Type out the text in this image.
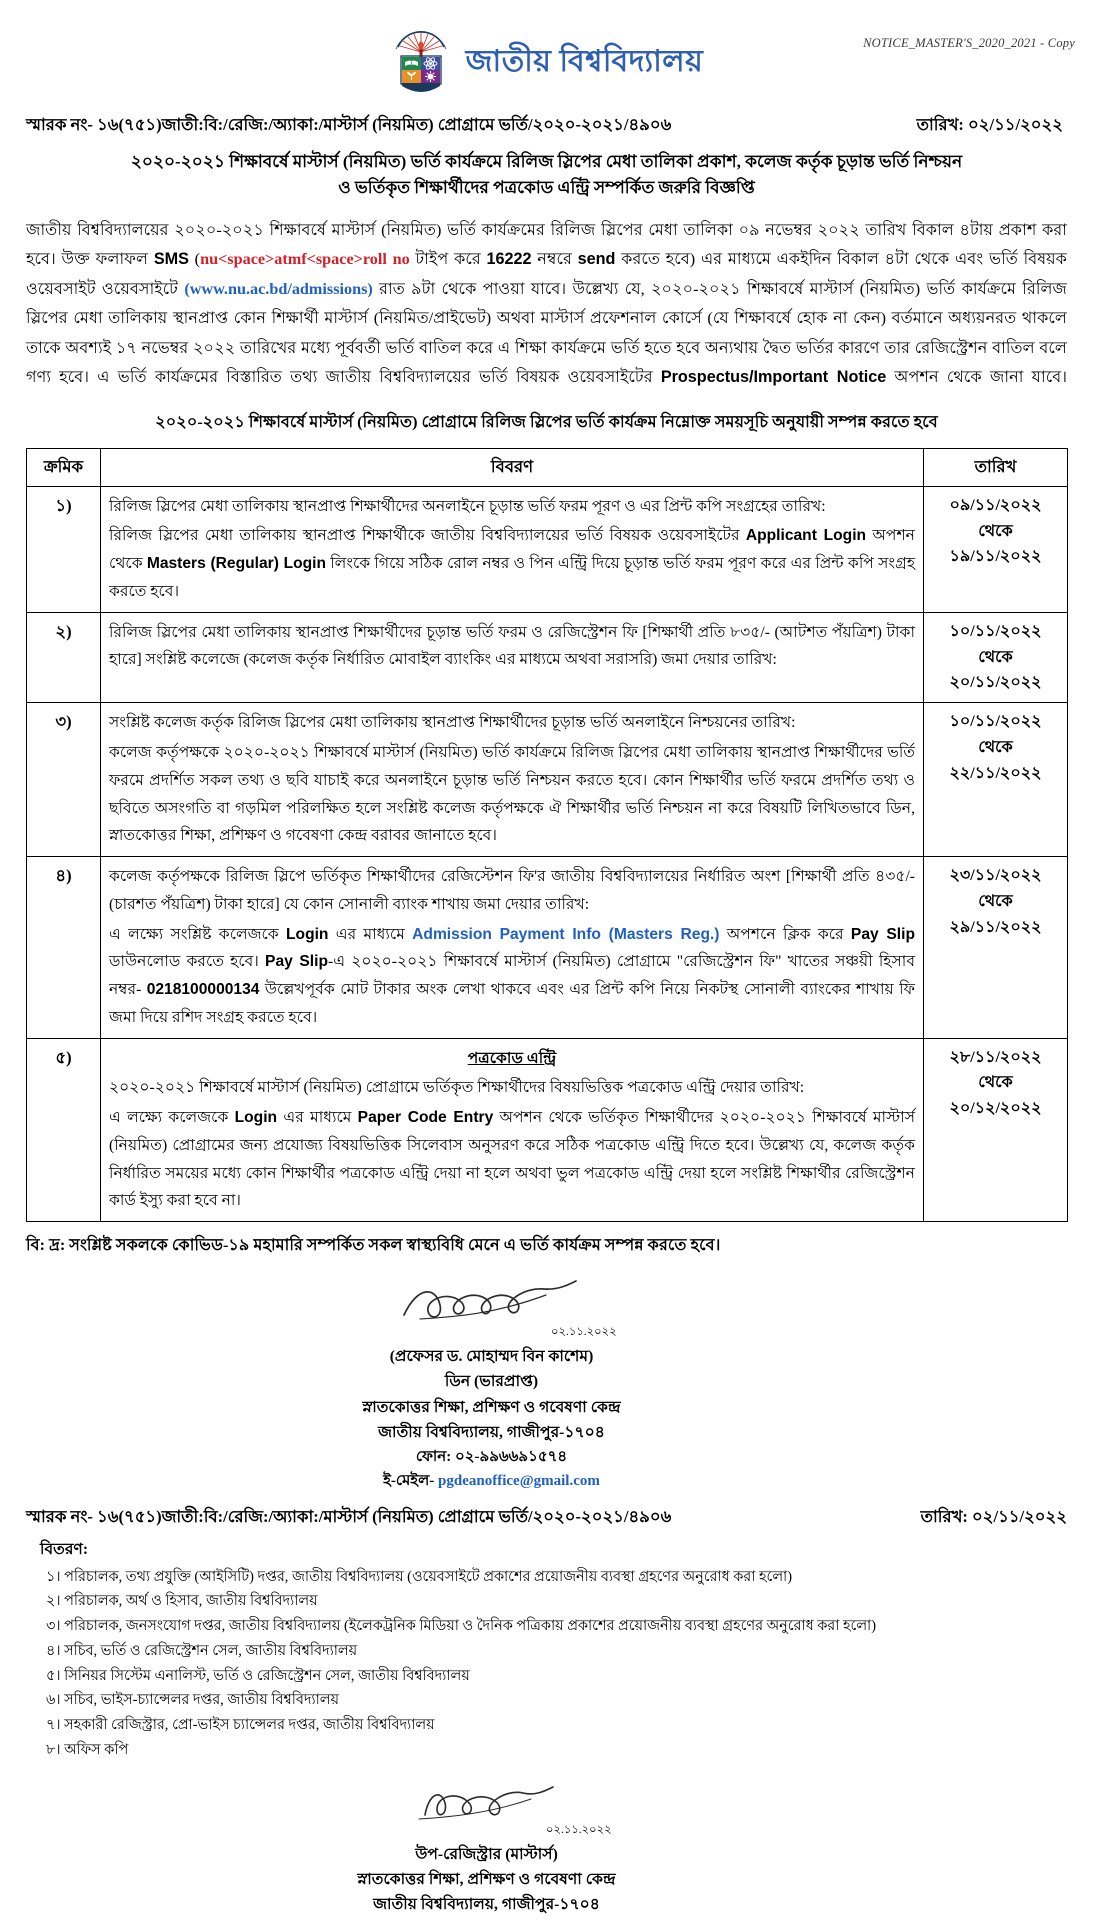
NOTICE_MASTER'S_2020_2021 - Copy
জাতীয় বিশ্ববিদ্যালয়
স্মারক নং- ১৬(৭৫১)জাতী:বি:/রেজি:/অ্যাকা:/মাস্টার্স (নিয়মিত) প্রোগ্রামে ভর্তি/২০২০-২০২১/৪৯০৬	তারিখ: ০২/১১/২০২২
২০২০-২০২১ শিক্ষাবর্ষে মাস্টার্স (নিয়মিত) ভর্তি কার্যক্রমে রিলিজ স্লিপের মেধা তালিকা প্রকাশ, কলেজ কর্তৃক চূড়ান্ত ভর্তি নিশ্চয়ন
ও ভর্তিকৃত শিক্ষার্থীদের পত্রকোড এন্ট্রি সম্পর্কিত জরুরি বিজ্ঞপ্তি
জাতীয় বিশ্ববিদ্যালয়ের ২০২০-২০২১ শিক্ষাবর্ষে মাস্টার্স (নিয়মিত) ভর্তি কার্যক্রমের রিলিজ স্লিপের মেধা তালিকা ০৯ নভেম্বর ২০২২ তারিখ বিকাল ৪টায় প্রকাশ করা হবে। উক্ত ফলাফল SMS (nu<space>atmf<space>roll no টাইপ করে 16222 নম্বরে send করতে হবে) এর মাধ্যমে একইদিন বিকাল ৪টা থেকে এবং ভর্তি বিষয়ক ওয়েবসাইট ওয়েবসাইটে (www.nu.ac.bd/admissions) রাত ৯টা থেকে পাওয়া যাবে। উল্লেখ্য যে, ২০২০-২০২১ শিক্ষাবর্ষে মাস্টার্স (নিয়মিত) ভর্তি কার্যক্রমে রিলিজ স্লিপের মেধা তালিকায় স্থানপ্রাপ্ত কোন শিক্ষার্থী মাস্টার্স (নিয়মিত/প্রাইভেট) অথবা মাস্টার্স প্রফেশনাল কোর্সে (যে শিক্ষাবর্ষে হোক না কেন) বর্তমানে অধ্যয়নরত থাকলে তাকে অবশ্যই ১৭ নভেম্বর ২০২২ তারিখের মধ্যে পূর্ববর্তী ভর্তি বাতিল করে এ শিক্ষা কার্যক্রমে ভর্তি হতে হবে অন্যথায় দ্বৈত ভর্তির কারণে তার রেজিস্ট্রেশন বাতিল বলে গণ্য হবে। এ ভর্তি কার্যক্রমের বিস্তারিত তথ্য জাতীয় বিশ্ববিদ্যালয়ের ভর্তি বিষয়ক ওয়েবসাইটের Prospectus/Important Notice অপশন থেকে জানা যাবে।
২০২০-২০২১ শিক্ষাবর্ষে মাস্টার্স (নিয়মিত) প্রোগ্রামে রিলিজ স্লিপের ভর্তি কার্যক্রম নিম্নোক্ত সময়সূচি অনুযায়ী সম্পন্ন করতে হবে
ক্রমিক	বিবরণ	তারিখ
১)	রিলিজ স্লিপের মেধা তালিকায় স্থানপ্রাপ্ত শিক্ষার্থীদের অনলাইনে চূড়ান্ত ভর্তি ফরম পূরণ ও এর প্রিন্ট কপি সংগ্রহের তারিখ:

রিলিজ স্লিপের মেধা তালিকায় স্থানপ্রাপ্ত শিক্ষার্থীকে জাতীয় বিশ্ববিদ্যালয়ের ভর্তি বিষয়ক ওয়েবসাইটের Applicant Login অপশন থেকে Masters (Regular) Login লিংকে গিয়ে সঠিক রোল নম্বর ও পিন এন্ট্রি দিয়ে চূড়ান্ত ভর্তি ফরম পূরণ করে এর প্রিন্ট কপি সংগ্রহ করতে হবে।

	০৯/১১/২০২২
থেকে
১৯/১১/২০২২
২)	রিলিজ স্লিপের মেধা তালিকায় স্থানপ্রাপ্ত শিক্ষার্থীদের চূড়ান্ত ভর্তি ফরম ও রেজিস্ট্রেশন ফি [শিক্ষার্থী প্রতি ৮৩৫/- (আটশত পঁয়ত্রিশ) টাকা হারে] সংশ্লিষ্ট কলেজে (কলেজ কর্তৃক নির্ধারিত মোবাইল ব্যাংকিং এর মাধ্যমে অথবা সরাসরি) জমা দেয়ার তারিখ:

	১০/১১/২০২২
থেকে
২০/১১/২০২২
৩)	সংশ্লিষ্ট কলেজ কর্তৃক রিলিজ স্লিপের মেধা তালিকায় স্থানপ্রাপ্ত শিক্ষার্থীদের চূড়ান্ত ভর্তি অনলাইনে নিশ্চয়নের তারিখ:

কলেজ কর্তৃপক্ষকে ২০২০-২০২১ শিক্ষাবর্ষে মাস্টার্স (নিয়মিত) ভর্তি কার্যক্রমে রিলিজ স্লিপের মেধা তালিকায় স্থানপ্রাপ্ত শিক্ষার্থীদের ভর্তি ফরমে প্রদর্শিত সকল তথ্য ও ছবি যাচাই করে অনলাইনে চূড়ান্ত ভর্তি নিশ্চয়ন করতে হবে। কোন শিক্ষার্থীর ভর্তি ফরমে প্রদর্শিত তথ্য ও ছবিতে অসংগতি বা গড়মিল পরিলক্ষিত হলে সংশ্লিষ্ট কলেজ কর্তৃপক্ষকে ঐ শিক্ষার্থীর ভর্তি নিশ্চয়ন না করে বিষয়টি লিখিতভাবে ডিন, স্নাতকোত্তর শিক্ষা, প্রশিক্ষণ ও গবেষণা কেন্দ্র বরাবর জানাতে হবে।

	১০/১১/২০২২
থেকে
২২/১১/২০২২
৪)	কলেজ কর্তৃপক্ষকে রিলিজ স্লিপে ভর্তিকৃত শিক্ষার্থীদের রেজিস্টেশন ফি'র জাতীয় বিশ্ববিদ্যালয়ের নির্ধারিত অংশ [শিক্ষার্থী প্রতি ৪৩৫/- (চারশত পঁয়ত্রিশ) টাকা হারে] যে কোন সোনালী ব্যাংক শাখায় জমা দেয়ার তারিখ:

এ লক্ষ্যে সংশ্লিষ্ট কলেজকে Login এর মাধ্যমে Admission Payment Info (Masters Reg.) অপশনে ক্লিক করে Pay Slip ডাউনলোড করতে হবে। Pay Slip-এ ২০২০-২০২১ শিক্ষাবর্ষে মাস্টার্স (নিয়মিত) প্রোগ্রামে "রেজিস্ট্রেশন ফি" খাতের সঞ্চয়ী হিসাব নম্বর- 0218100000134 উল্লেখপূর্বক মোট টাকার অংক লেখা থাকবে এবং এর প্রিন্ট কপি নিয়ে নিকটস্থ সোনালী ব্যাংকের শাখায় ফি জমা দিয়ে রশিদ সংগ্রহ করতে হবে।

	২৩/১১/২০২২
থেকে
২৯/১১/২০২২
৫)	পত্রকোড এন্ট্রি

২০২০-২০২১ শিক্ষাবর্ষে মাস্টার্স (নিয়মিত) প্রোগ্রামে ভর্তিকৃত শিক্ষার্থীদের বিষয়ভিত্তিক পত্রকোড এন্ট্রি দেয়ার তারিখ:

এ লক্ষ্যে কলেজকে Login এর মাধ্যমে Paper Code Entry অপশন থেকে ভর্তিকৃত শিক্ষার্থীদের ২০২০-২০২১ শিক্ষাবর্ষে মাস্টার্স (নিয়মিত) প্রোগ্রামের জন্য প্রযোজ্য বিষয়ভিত্তিক সিলেবাস অনুসরণ করে সঠিক পত্রকোড এন্ট্রি দিতে হবে। উল্লেখ্য যে, কলেজ কর্তৃক নির্ধারিত সময়ের মধ্যে কোন শিক্ষার্থীর পত্রকোড এন্ট্রি দেয়া না হলে অথবা ভুল পত্রকোড এন্ট্রি দেয়া হলে সংশ্লিষ্ট শিক্ষার্থীর রেজিস্ট্রেশন কার্ড ইস্যু করা হবে না।

	২৮/১১/২০২২
থেকে
২০/১২/২০২২
বি: দ্র: সংশ্লিষ্ট সকলকে কোভিড-১৯ মহামারি সম্পর্কিত সকল স্বাস্থ্যবিধি মেনে এ ভর্তি কার্যক্রম সম্পন্ন করতে হবে।
০২.১১.২০২২
(প্রফেসর ড. মোহাম্মদ বিন কাশেম)
ডিন (ভারপ্রাপ্ত)
স্নাতকোত্তর শিক্ষা, প্রশিক্ষণ ও গবেষণা কেন্দ্র
জাতীয় বিশ্ববিদ্যালয়, গাজীপুর-১৭০৪
ফোন: ০২-৯৯৬৬৯১৫৭৪
ই-মেইল- pgdeanoffice@gmail.com
স্মারক নং- ১৬(৭৫১)জাতী:বি:/রেজি:/অ্যাকা:/মাস্টার্স (নিয়মিত) প্রোগ্রামে ভর্তি/২০২০-২০২১/৪৯০৬	তারিখ: ০২/১১/২০২২
বিতরণ:
১। পরিচালক, তথ্য প্রযুক্তি (আইসিটি) দপ্তর, জাতীয় বিশ্ববিদ্যালয় (ওয়েবসাইটে প্রকাশের প্রয়োজনীয় ব্যবস্থা গ্রহণের অনুরোধ করা হলো)
২। পরিচালক, অর্থ ও হিসাব, জাতীয় বিশ্ববিদ্যালয়
৩। পরিচালক, জনসংযোগ দপ্তর, জাতীয় বিশ্ববিদ্যালয় (ইলেকট্রনিক মিডিয়া ও দৈনিক পত্রিকায় প্রকাশের প্রয়োজনীয় ব্যবস্থা গ্রহণের অনুরোধ করা হলো)
৪। সচিব, ভর্তি ও রেজিস্ট্রেশন সেল, জাতীয় বিশ্ববিদ্যালয়
৫। সিনিয়র সিস্টেম এনালিস্ট, ভর্তি ও রেজিস্ট্রেশন সেল, জাতীয় বিশ্ববিদ্যালয়
৬। সচিব, ভাইস-চ্যান্সেলর দপ্তর, জাতীয় বিশ্ববিদ্যালয়
৭। সহকারী রেজিস্ট্রার, প্রো-ভাইস চ্যান্সেলর দপ্তর, জাতীয় বিশ্ববিদ্যালয়
৮। অফিস কপি
০২.১১.২০২২
উপ-রেজিস্ট্রার (মাস্টার্স)
স্নাতকোত্তর শিক্ষা, প্রশিক্ষণ ও গবেষণা কেন্দ্র
জাতীয় বিশ্ববিদ্যালয়, গাজীপুর-১৭০৪
